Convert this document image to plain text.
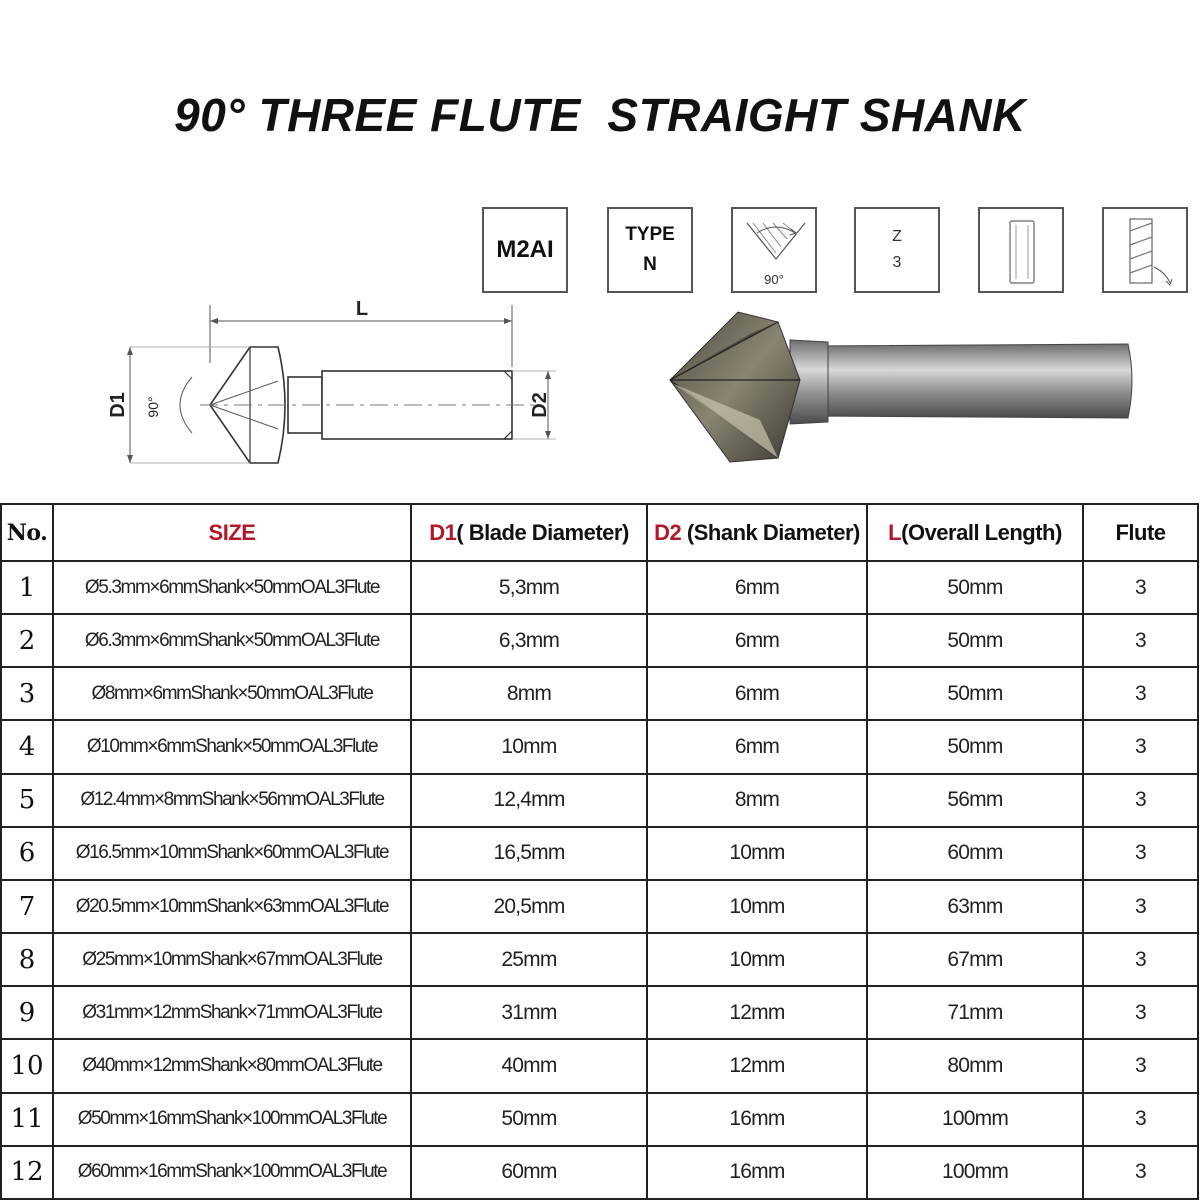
90° THREE FLUTE  STRAIGHT SHANK
M2AI
TYPE
N
90°
Z
3
L
D1 90°	D2
No.	SIZE	D1( Blade Diameter)	D2 (Shank Diameter)	L(Overall Length)	Flute
1	Ø5.3mm×6mmShank×50mmOAL3Flute	5,3mm	6mm	50mm	3
2	Ø6.3mm×6mmShank×50mmOAL3Flute	6,3mm	6mm	50mm	3
3	Ø8mm×6mmShank×50mmOAL3Flute	8mm	6mm	50mm	3
4	Ø10mm×6mmShank×50mmOAL3Flute	10mm	6mm	50mm	3
5	Ø12.4mm×8mmShank×56mmOAL3Flute	12,4mm	8mm	56mm	3
6	Ø16.5mm×10mmShank×60mmOAL3Flute	16,5mm	10mm	60mm	3
7	Ø20.5mm×10mmShank×63mmOAL3Flute	20,5mm	10mm	63mm	3
8	Ø25mm×10mmShank×67mmOAL3Flute	25mm	10mm	67mm	3
9	Ø31mm×12mmShank×71mmOAL3Flute	31mm	12mm	71mm	3
10	Ø40mm×12mmShank×80mmOAL3Flute	40mm	12mm	80mm	3
11	Ø50mm×16mmShank×100mmOAL3Flute	50mm	16mm	100mm	3
12	Ø60mm×16mmShank×100mmOAL3Flute	60mm	16mm	100mm	3
